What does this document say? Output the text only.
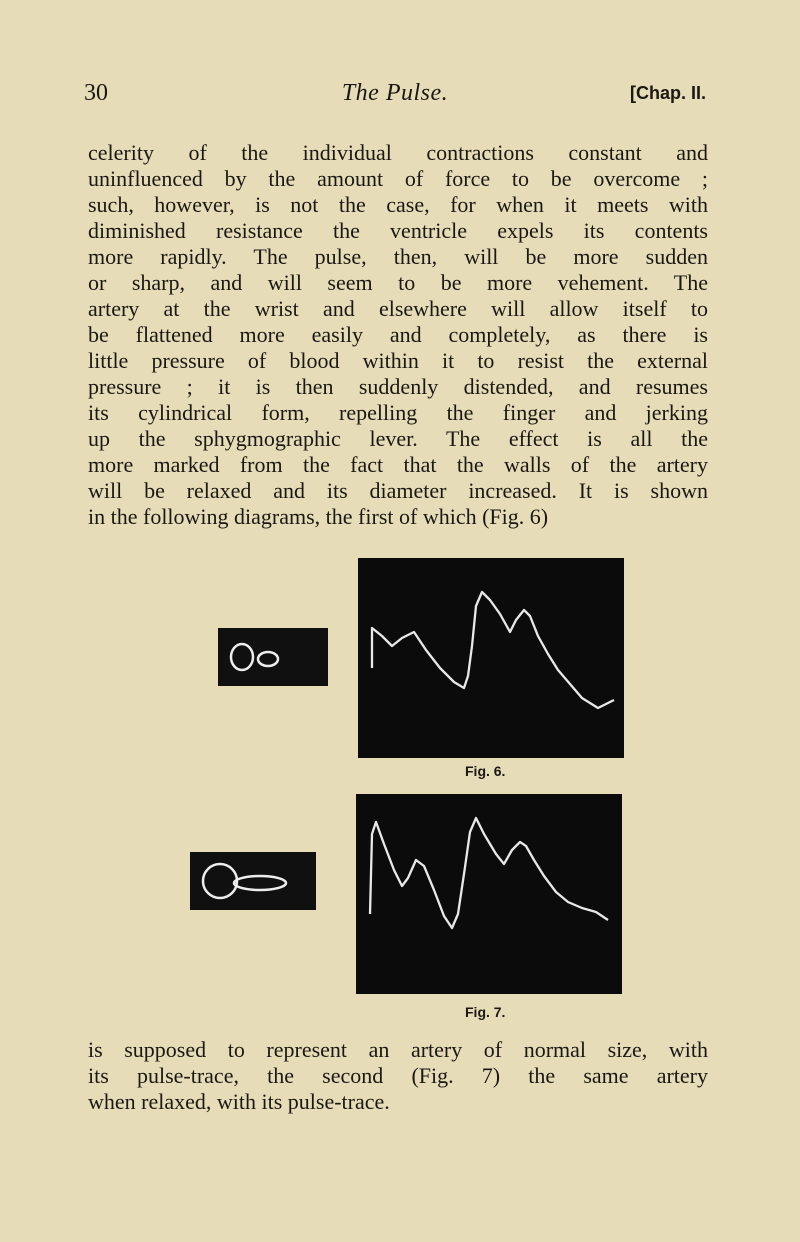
30	The Pulse.	[Chap. II.
celerity of the individual contractions constant and
uninfluenced by the amount of force to be overcome ;
such, however, is not the case, for when it meets with
diminished resistance the ventricle expels its contents
more rapidly. The pulse, then, will be more sudden
or sharp, and will seem to be more vehement. The
artery at the wrist and elsewhere will allow itself to
be flattened more easily and completely, as there is
little pressure of blood within it to resist the external
pressure ; it is then suddenly distended, and resumes
its cylindrical form, repelling the finger and jerking
up the sphygmographic lever. The effect is all the
more marked from the fact that the walls of the artery
will be relaxed and its diameter increased. It is shown
in the following diagrams, the first of which (Fig. 6)
Fig. 6.
Fig. 7.
is supposed to represent an artery of normal size, with
its pulse-trace, the second (Fig. 7) the same artery
when relaxed, with its pulse-trace.
